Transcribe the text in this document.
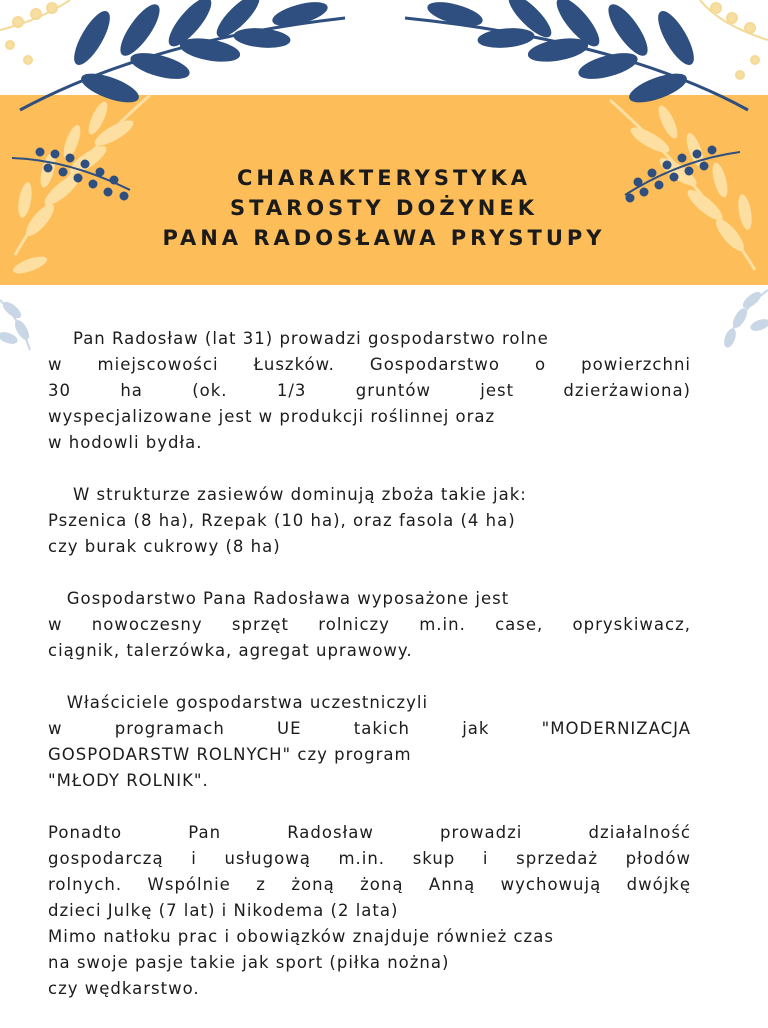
CHARAKTERYSTYKA
STAROSTY DOŻYNEK
PANA RADOSŁAWA PRYSTUPY

Pan Radosław (lat 31) prowadzi gospodarstwo rolne
w miejscowości Łuszków. Gospodarstwo o powierzchni
30 ha (ok. 1/3 gruntów jest dzierżawiona)
wyspecjalizowane jest w produkcji roślinnej oraz
w hodowli bydła.

W strukturze zasiewów dominują zboża takie jak:
Pszenica (8 ha), Rzepak (10 ha), oraz fasola (4 ha)
czy burak cukrowy (8 ha)

Gospodarstwo Pana Radosława wyposażone jest
w nowoczesny sprzęt rolniczy m.in. case, opryskiwacz,
ciągnik, talerzówka, agregat uprawowy.

Właściciele gospodarstwa uczestniczyli
w programach UE takich jak "MODERNIZACJA
GOSPODARSTW ROLNYCH" czy program
"MŁODY ROLNIK".

Ponadto Pan Radosław prowadzi działalność
gospodarczą i usługową m.in. skup i sprzedaż płodów
rolnych. Wspólnie z żoną żoną Anną wychowują dwójkę
dzieci Julkę (7 lat) i Nikodema (2 lata)
Mimo natłoku prac i obowiązków znajduje również czas
na swoje pasje takie jak sport (piłka nożna)
czy wędkarstwo.
